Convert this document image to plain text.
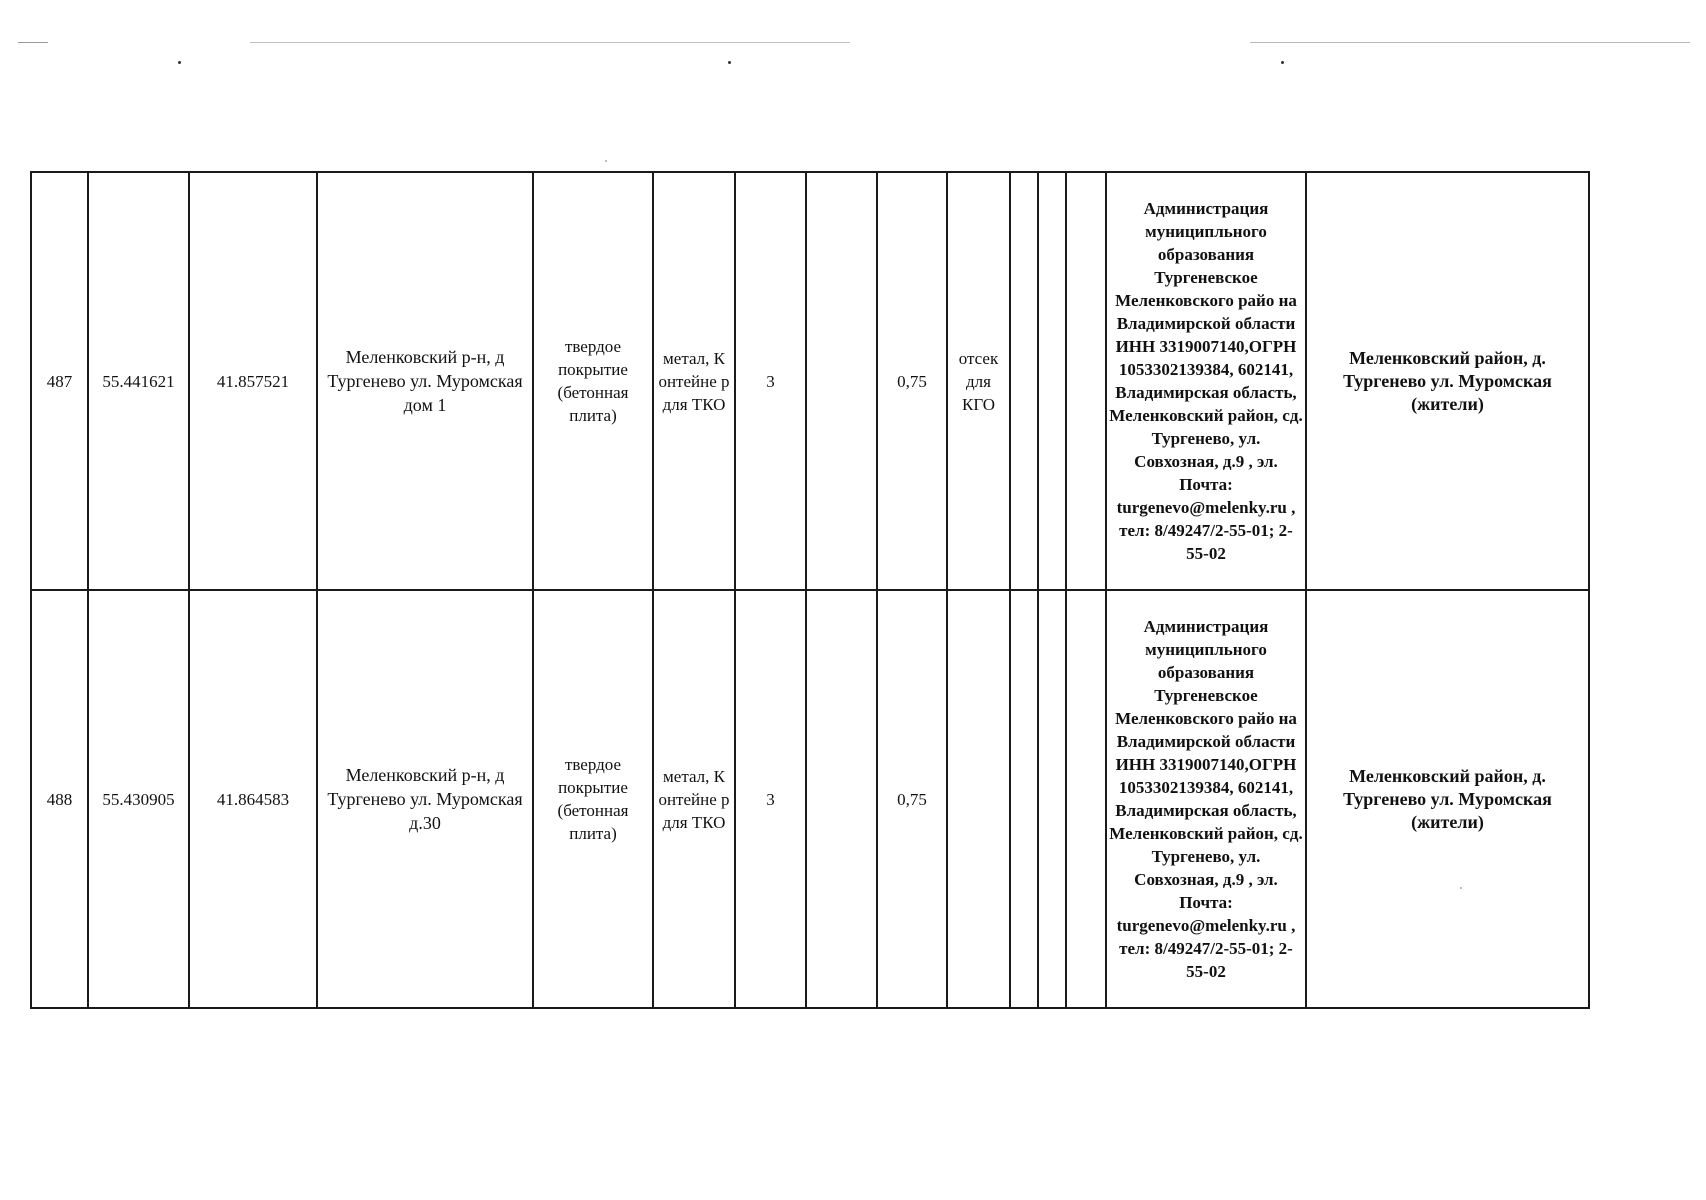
487	55.441621	41.857521	Меленковский р-н, д Тургенево ул. Муромская дом 1	твердое покрытие (бетонная плита)	метал, К онтейне р для ТКО	3		0,75	отсек для КГО				Администрация муниципльного образования Тургеневское Меленковского райо на Владимирской области ИНН 3319007140,ОГРН 1053302139384, 602141, Владимирская область, Меленковский район, сд. Тургенево, ул. Совхозная, д.9 , эл. Почта: turgenevo@melenky.ru , тел: 8/49247/2-55-01; 2-55-02	Меленковский район, д. Тургенево ул. Муромская (жители)
488	55.430905	41.864583	Меленковский р-н, д Тургенево ул. Муромская д.30	твердое покрытие (бетонная плита)	метал, К онтейне р для ТКО	3		0,75					Администрация муниципльного образования Тургеневское Меленковского райо на Владимирской области ИНН 3319007140,ОГРН 1053302139384, 602141, Владимирская область, Меленковский район, сд. Тургенево, ул. Совхозная, д.9 , эл. Почта: turgenevo@melenky.ru , тел: 8/49247/2-55-01; 2-55-02	Меленковский район, д. Тургенево ул. Муромская (жители)
